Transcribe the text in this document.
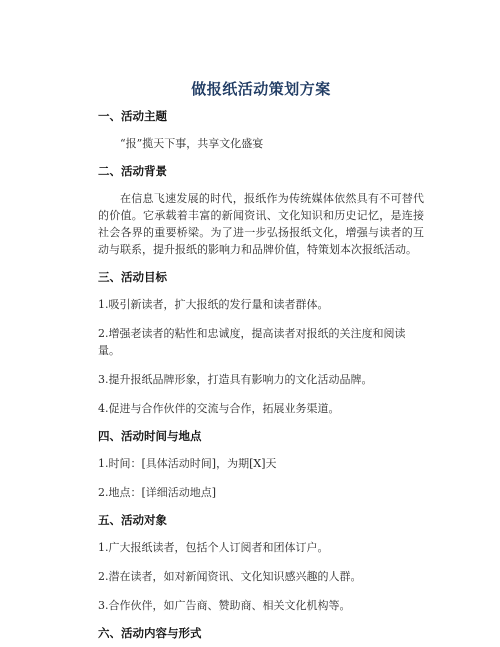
做报纸活动策划方案
一、活动主题
“报”揽天下事，共享文化盛宴
二、活动背景
在信息飞速发展的时代，报纸作为传统媒体依然具有不可替代的价值。它承载着丰富的新闻资讯、文化知识和历史记忆，是连接社会各界的重要桥梁。为了进一步弘扬报纸文化，增强与读者的互动与联系，提升报纸的影响力和品牌价值，特策划本次报纸活动。
三、活动目标
1.吸引新读者，扩大报纸的发行量和读者群体。
2.增强老读者的粘性和忠诚度，提高读者对报纸的关注度和阅读量。
3.提升报纸品牌形象，打造具有影响力的文化活动品牌。
4.促进与合作伙伴的交流与合作，拓展业务渠道。
四、活动时间与地点
1.时间：[具体活动时间]，为期[X]天
2.地点：[详细活动地点]
五、活动对象
1.广大报纸读者，包括个人订阅者和团体订户。
2.潜在读者，如对新闻资讯、文化知识感兴趣的人群。
3.合作伙伴，如广告商、赞助商、相关文化机构等。
六、活动内容与形式
